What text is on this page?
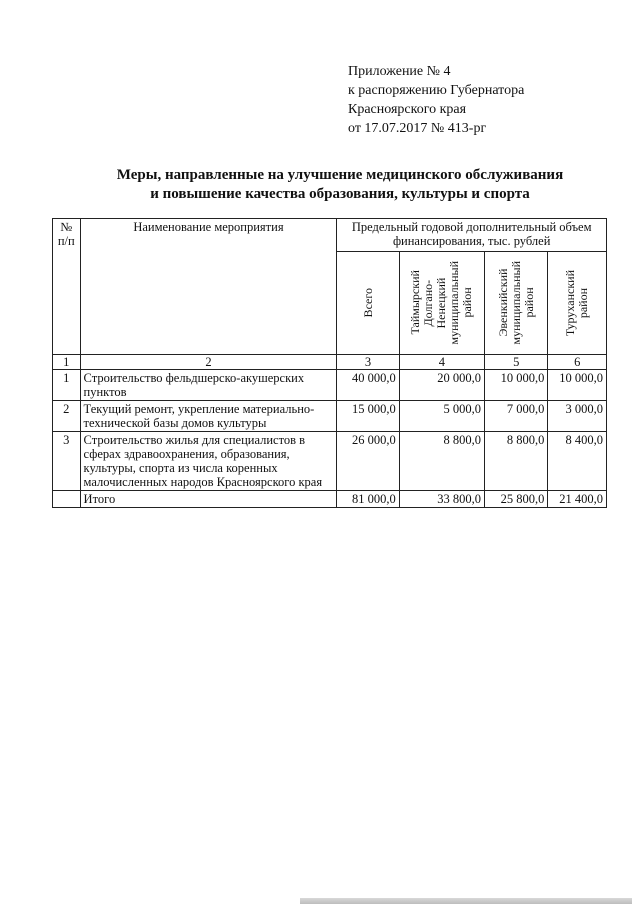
Приложение № 4
к распоряжению Губернатора
Красноярского края
от 17.07.2017 № 413-рг
Меры, направленные на улучшение медицинского обслуживания
и повышение качества образования, культуры и спорта
№
п/п	Наименование мероприятия	Предельный годовой дополнительный объем финансирования, тыс. рублей			

		Всего	Таймырский
Долгано-
Ненецкий
муниципальный
район	Эвенкийский
муниципальный
район	Туруханский
район

1	2	3	4	5	6
1	Строительство фельдшерско-акушерских пунктов	40 000,0	20 000,0	10 000,0	10 000,0
2	Текущий ремонт, укрепление материально-технической базы домов культуры	15 000,0	5 000,0	7 000,0	3 000,0
3	Строительство жилья для специалистов в сферах здравоохранения, образования, культуры, спорта из числа коренных малочисленных народов Красноярского края	26 000,0	8 800,0	8 800,0	8 400,0
	Итого	81 000,0	33 800,0	25 800,0	21 400,0
